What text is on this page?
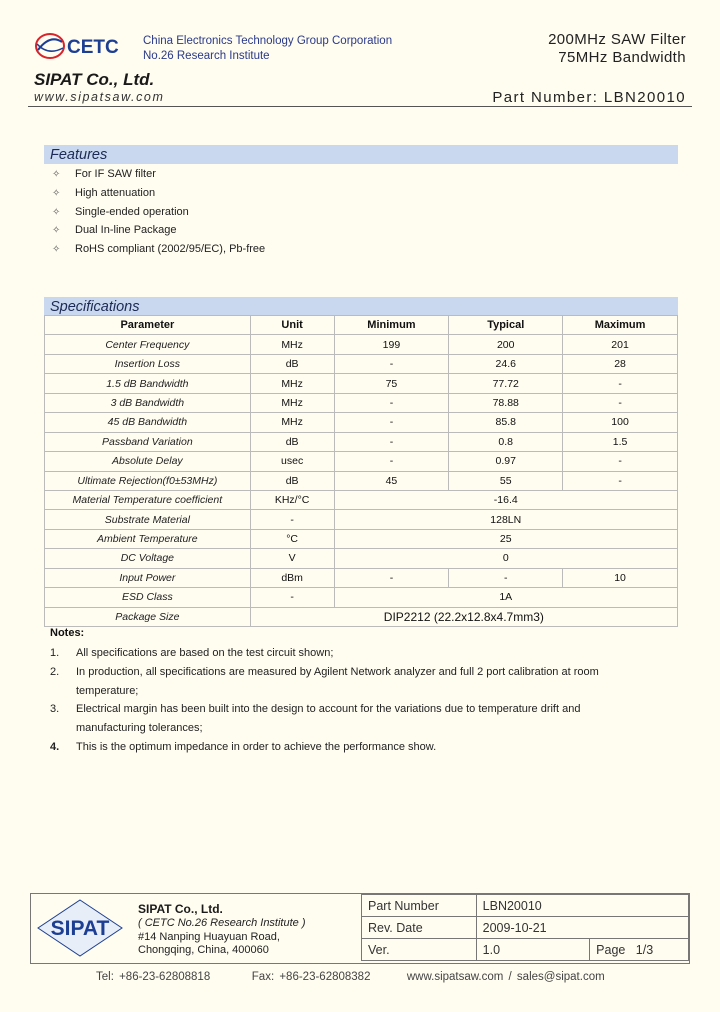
CETC China Electronics Technology Group Corporation
No.26 Research Institute
200MHz SAW Filter
75MHz Bandwidth
SIPAT Co., Ltd.
www.sipatsaw.com	Part Number: LBN20010
Features
✧ For IF SAW filter
✧ High attenuation
✧ Single-ended operation
✧ Dual In-line Package
✧ RoHS compliant (2002/95/EC), Pb-free
Specifications
Parameter	Unit	Minimum	Typical	Maximum
Center Frequency	MHz	199	200	201
Insertion Loss	dB	-	24.6	28
1.5 dB Bandwidth	MHz	75	77.72	-
3 dB Bandwidth	MHz	-	78.88	-
45 dB Bandwidth	MHz	-	85.8	100
Passband Variation	dB	-	0.8	1.5
Absolute Delay	usec	-	0.97	-
Ultimate Rejection(f0±53MHz)	dB	45	55	-
Material Temperature coefficient	KHz/°C	-16.4		
Substrate Material	-	128LN		
Ambient Temperature	°C	25		
DC Voltage	V	0		
Input Power	dBm	-	-	10
ESD Class	-	1A		
Package Size	DIP2212 (22.2x12.8x4.7mm3)			
Notes:
1. All specifications are based on the test circuit shown;
2. In production, all specifications are measured by Agilent Network analyzer and full 2 port calibration at room
temperature;
3. Electrical margin has been built into the design to account for the variations due to temperature drift and
manufacturing tolerances;
4. This is the optimum impedance in order to achieve the performance show.
SIPAT
SIPAT Co., Ltd.
( CETC No.26 Research Institute )
#14 Nanping Huayuan Road,
Chongqing, China, 400060
Part Number	LBN20010	
Rev. Date	2009-10-21	
Ver.	1.0	Page 1/3
Tel: +86-23-62808818	Fax: +86-23-62808382	www.sipatsaw.com / sales@sipat.com
